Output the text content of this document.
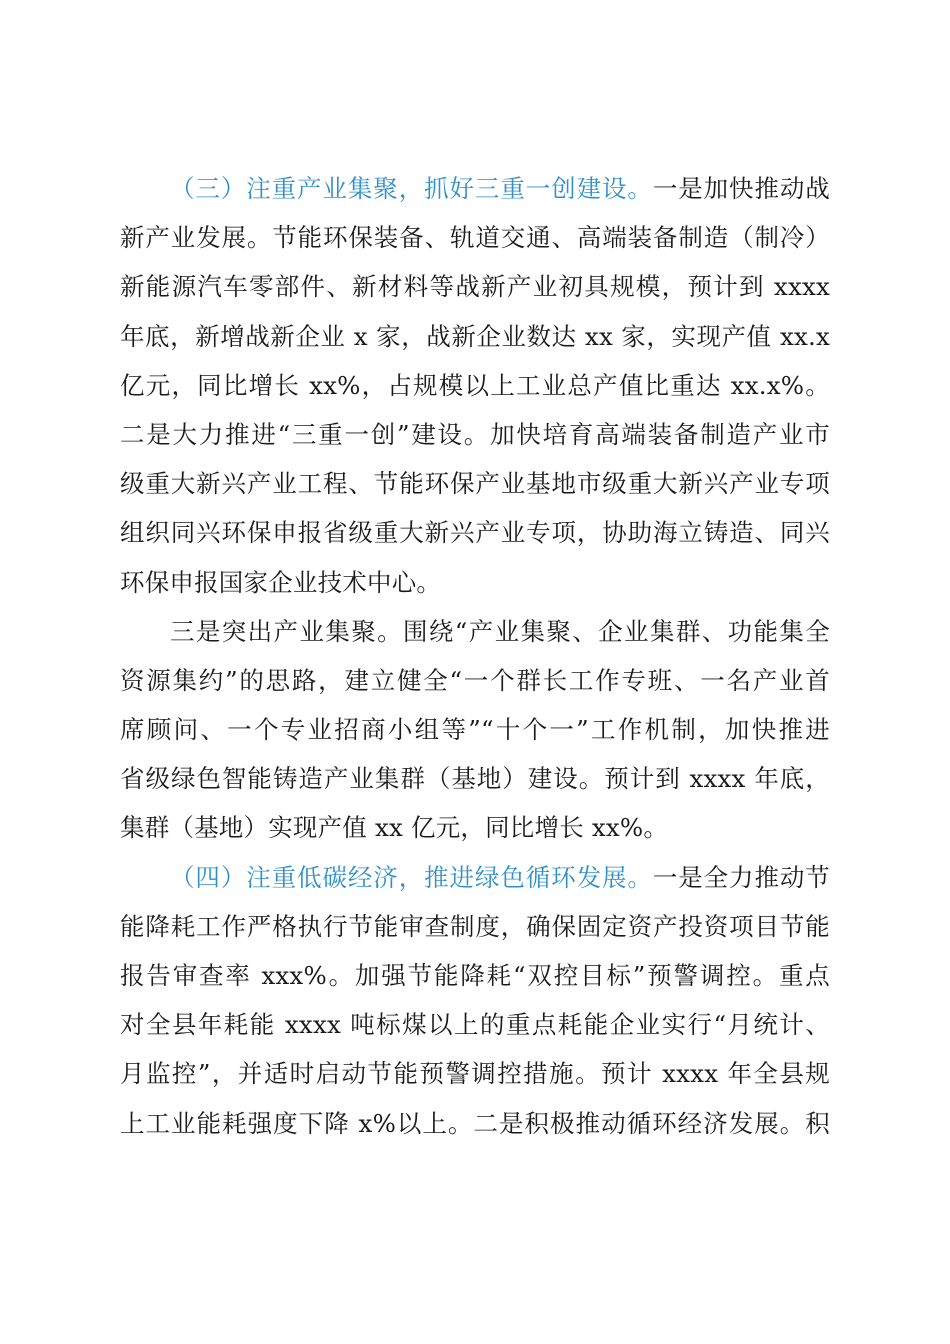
（三）注重产业集聚，抓好三重一创建设。一是加快推动战
新产业发展。节能环保装备、轨道交通、高端装备制造（制冷）
新能源汽车零部件、新材料等战新产业初具规模，预计到 xxxx
年底，新增战新企业 x 家，战新企业数达 xx 家，实现产值 xx.x
亿元，同比增长 xx%，占规模以上工业总产值比重达 xx.x%。
二是大力推进“三重一创”建设。加快培育高端装备制造产业市
级重大新兴产业工程、节能环保产业基地市级重大新兴产业专项
组织同兴环保申报省级重大新兴产业专项，协助海立铸造、同兴
环保申报国家企业技术中心。
三是突出产业集聚。围绕“产业集聚、企业集群、功能集全
资源集约”的思路，建立健全“一个群长工作专班、一名产业首
席顾问、一个专业招商小组等”“十个一”工作机制，加快推进
省级绿色智能铸造产业集群（基地）建设。预计到 xxxx 年底，
集群（基地）实现产值 xx 亿元，同比增长 xx%。
（四）注重低碳经济，推进绿色循环发展。一是全力推动节
能降耗工作严格执行节能审查制度，确保固定资产投资项目节能
报告审查率 xxx%。加强节能降耗“双控目标”预警调控。重点
对全县年耗能 xxxx 吨标煤以上的重点耗能企业实行“月统计、
月监控”，并适时启动节能预警调控措施。预计 xxxx 年全县规
上工业能耗强度下降 x%以上。二是积极推动循环经济发展。积
